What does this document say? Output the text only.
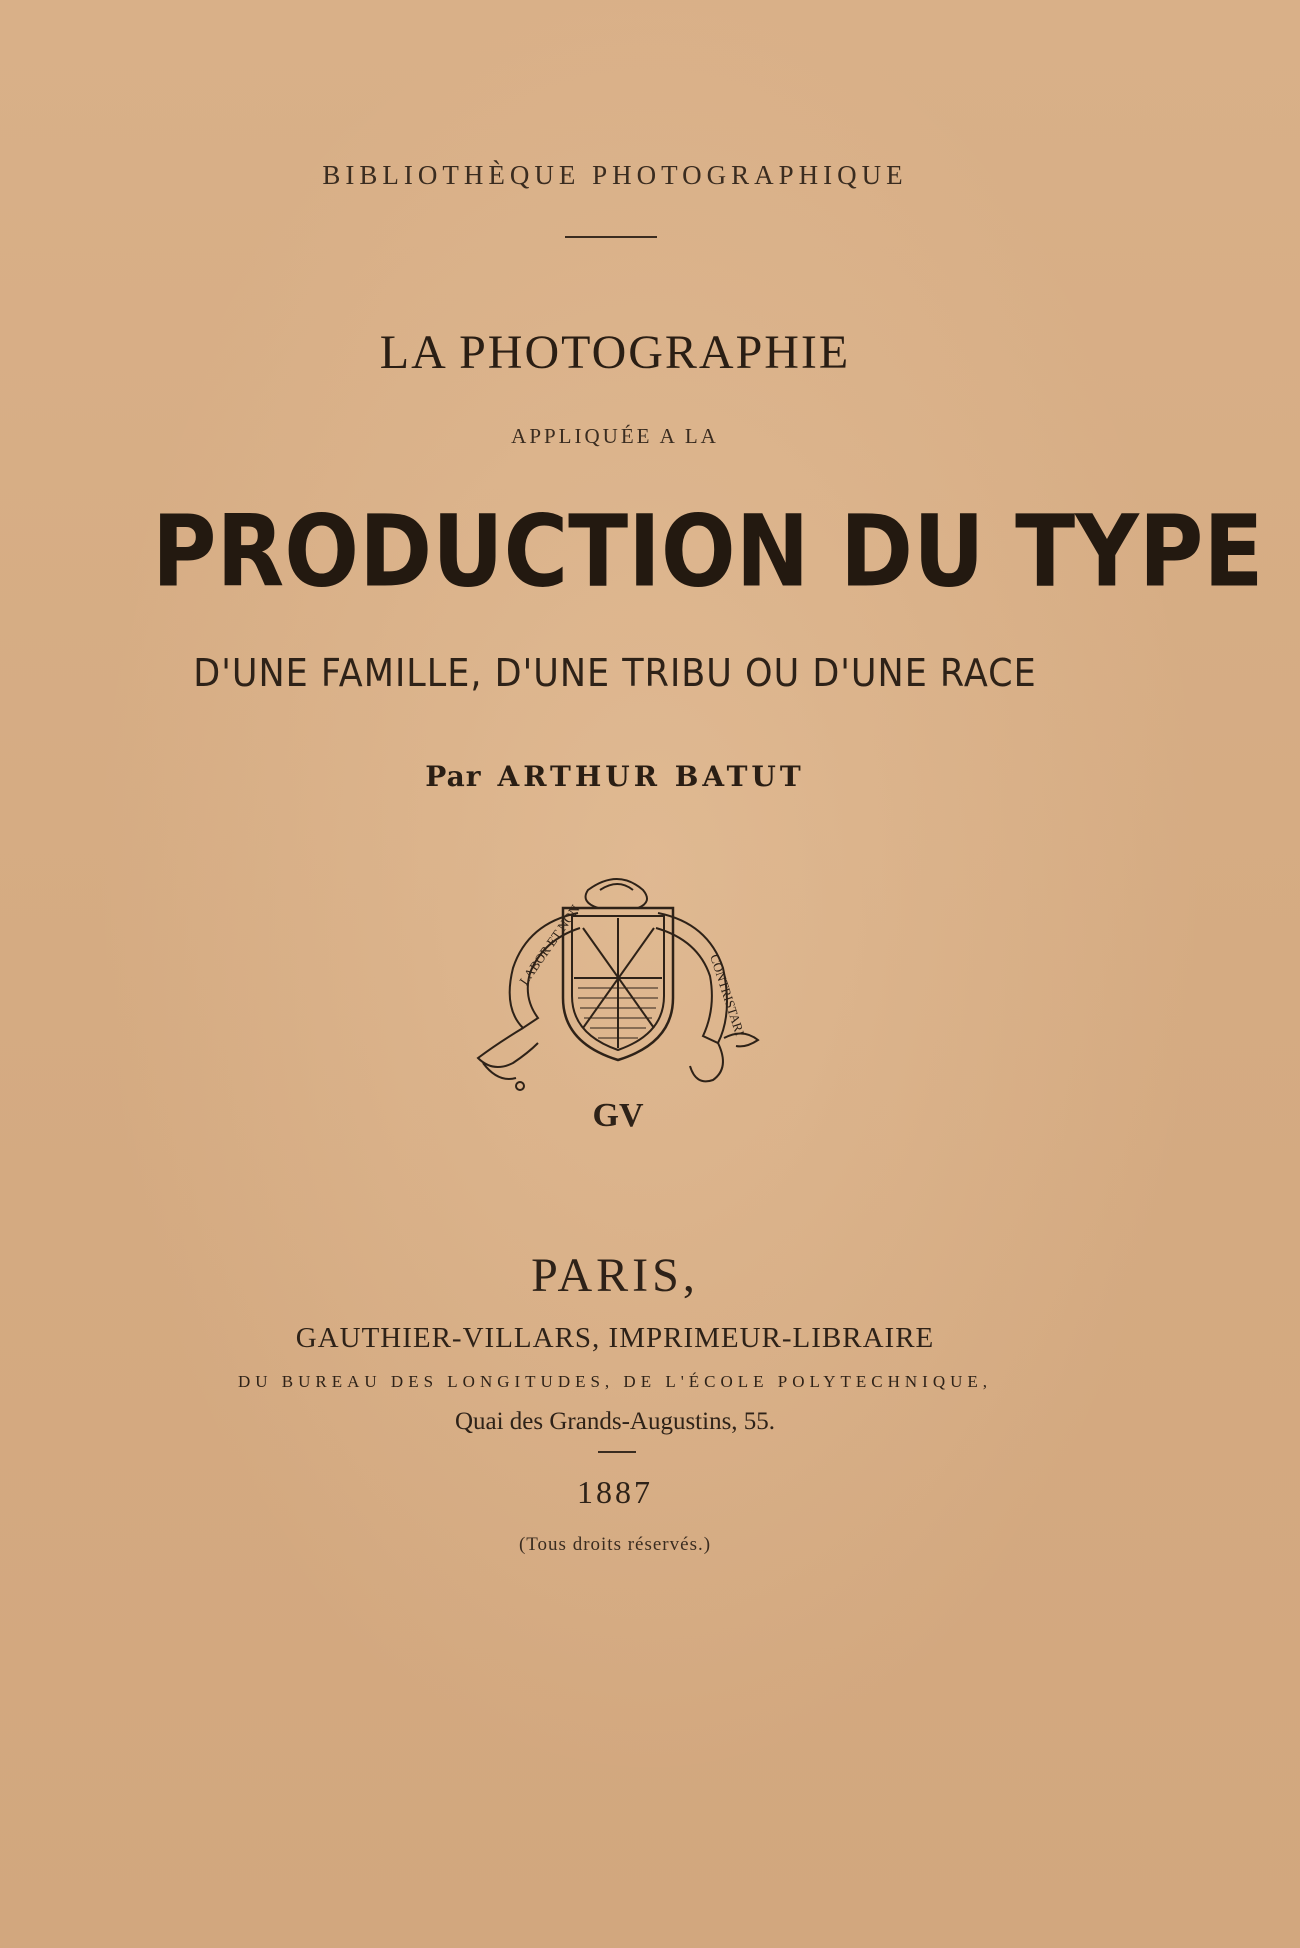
BIBLIOTHÈQUE PHOTOGRAPHIQUE
LA PHOTOGRAPHIE
APPLIQUÉE A LA
PRODUCTION DU TYPE
D'UNE FAMILLE, D'UNE TRIBU OU D'UNE RACE
Par ARTHUR BATUT
LABOR ET NON
CONTRISTARI
GV
PARIS,
GAUTHIER-VILLARS, IMPRIMEUR-LIBRAIRE
DU BUREAU DES LONGITUDES, DE L'ÉCOLE POLYTECHNIQUE,
Quai des Grands-Augustins, 55.
1887
(Tous droits réservés.)
